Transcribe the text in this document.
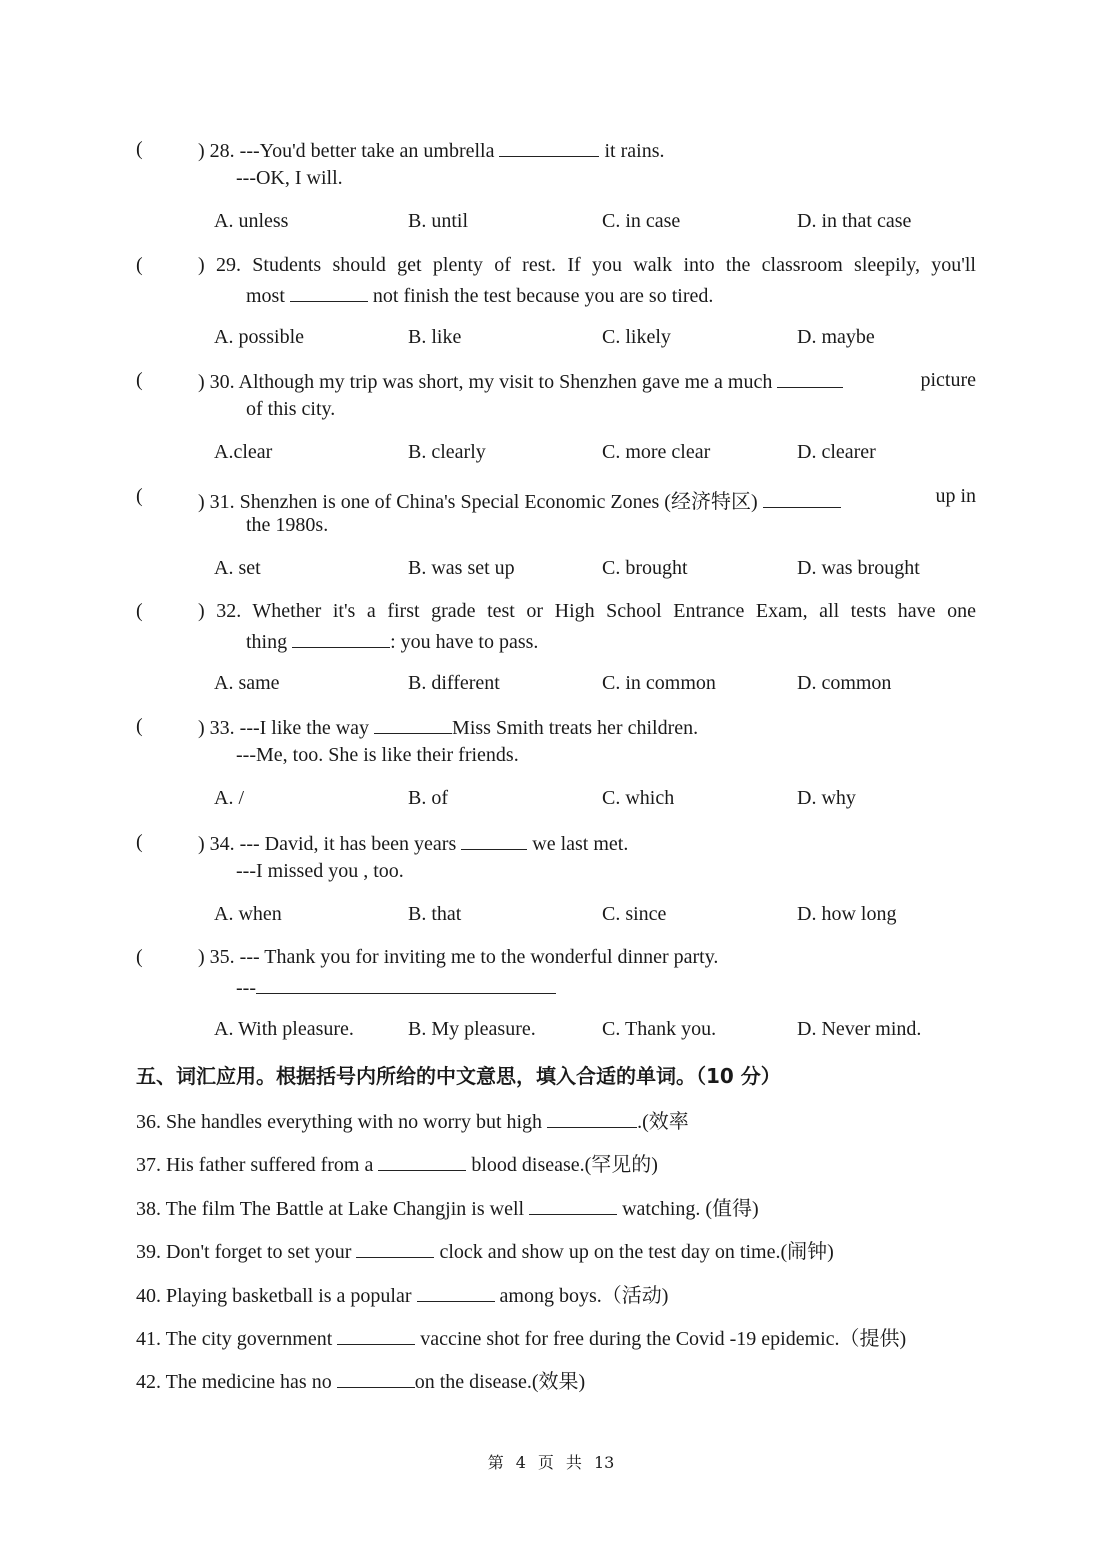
(	) 28. ---You'd better take an umbrella	it rains.
---OK, I will.
A. unless	B. until	C. in case	D. in that case
(	) 29. Students should get plenty of rest. If you walk into the classroom sleepily, you'll
most	not finish the test because you are so tired.
A. possible	B. like	C. likely	D. maybe
(	) 30. Although my trip was short, my visit to Shenzhen gave me a much	picture
of this city.
A.clear	B. clearly	C. more clear	D. clearer
(	) 31. Shenzhen is one of China's Special Economic Zones (经济特区)	up in
the 1980s.
A. set	B. was set up	C. brought	D. was brought
(	) 32. Whether it's a first grade test or High School Entrance Exam, all tests have one
thing	: you have to pass.
A. same	B. different	C. in common	D. common
(	) 33. ---I like the way	Miss Smith treats her children.
---Me, too. She is like their friends.
A. /	B. of	C. which	D. why
(	) 34. --- David, it has been years	we last met.
---I missed you , too.
A. when	B. that	C. since	D. how long
(	) 35. --- Thank you for inviting me to the wonderful dinner party.
---
A. With pleasure.	B. My pleasure.	C. Thank you.	D. Never mind.
五、词汇应用。根据括号内所给的中文意思，填入合适的单词。（10 分）
36. She handles everything with no worry but high	.(效率
37. His father suffered from a	blood disease.(罕见的)
38. The film The Battle at Lake Changjin is well	watching. (值得)
39. Don't forget to set your	clock and show up on the test day on time.(闹钟)
40. Playing basketball is a popular	among boys.（活动)
41. The city government	vaccine shot for free during the Covid -19 epidemic.（提供)
42. The medicine has no	on the disease.(效果)
第 4 页 共 13
